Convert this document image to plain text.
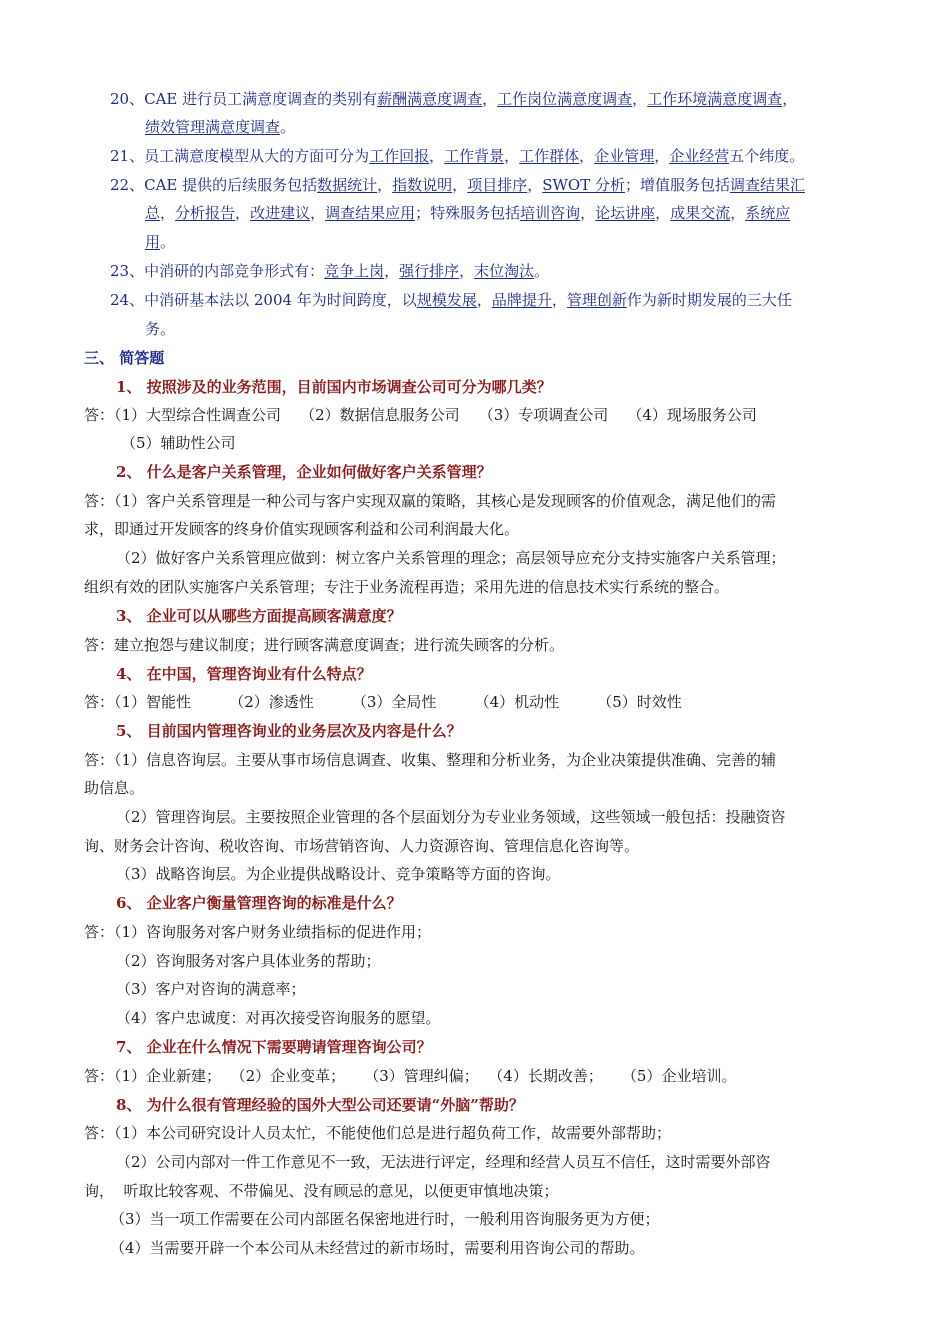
20、CAE 进行员工满意度调查的类别有薪酬满意度调查，工作岗位满意度调查，工作环境满意度调查，
绩效管理满意度调查。
21、员工满意度模型从大的方面可分为工作回报，工作背景，工作群体，企业管理，企业经营五个纬度。
22、CAE 提供的后续服务包括数据统计，指数说明，项目排序，SWOT 分析；增值服务包括调查结果汇
总，分析报告，改进建议，调查结果应用；特殊服务包括培训咨询，论坛讲座，成果交流，系统应
用。
23、中消研的内部竞争形式有：竞争上岗，强行排序，末位淘汰。
24、中消研基本法以 2004 年为时间跨度，以规模发展，品牌提升，管理创新作为新时期发展的三大任
务。
三、 简答题
1、 按照涉及的业务范围，目前国内市场调查公司可分为哪几类？
答：（1）大型综合性调查公司    （2）数据信息服务公司    （3）专项调查公司    （4）现场服务公司
（5）辅助性公司
2、 什么是客户关系管理，企业如何做好客户关系管理？
答：（1）客户关系管理是一种公司与客户实现双赢的策略，其核心是发现顾客的价值观念，满足他们的需
求，即通过开发顾客的终身价值实现顾客利益和公司利润最大化。
（2）做好客户关系管理应做到：树立客户关系管理的理念；高层领导应充分支持实施客户关系管理；
组织有效的团队实施客户关系管理；专注于业务流程再造；采用先进的信息技术实行系统的整合。
3、 企业可以从哪些方面提高顾客满意度？
答：建立抱怨与建议制度；进行顾客满意度调查；进行流失顾客的分析。
4、 在中国，管理咨询业有什么特点？
答：（1）智能性        （2）渗透性        （3）全局性        （4）机动性        （5）时效性
5、 目前国内管理咨询业的业务层次及内容是什么？
答：（1）信息咨询层。主要从事市场信息调查、收集、整理和分析业务，为企业决策提供准确、完善的辅
助信息。
（2）管理咨询层。主要按照企业管理的各个层面划分为专业业务领域，这些领域一般包括：投融资咨
询、财务会计咨询、税收咨询、市场营销咨询、人力资源咨询、管理信息化咨询等。
（3）战略咨询层。为企业提供战略设计、竞争策略等方面的咨询。
6、 企业客户衡量管理咨询的标准是什么？
答：（1）咨询服务对客户财务业绩指标的促进作用；
（2）咨询服务对客户具体业务的帮助；
（3）客户对咨询的满意率；
（4）客户忠诚度：对再次接受咨询服务的愿望。
7、 企业在什么情况下需要聘请管理咨询公司？
答：（1）企业新建；  （2）企业变革；    （3）管理纠偏；  （4）长期改善；    （5）企业培训。
8、 为什么很有管理经验的国外大型公司还要请“外脑”帮助？
答：（1）本公司研究设计人员太忙，不能使他们总是进行超负荷工作，故需要外部帮助；
（2）公司内部对一件工作意见不一致，无法进行评定，经理和经营人员互不信任，这时需要外部咨
询，  听取比较客观、不带偏见、没有顾忌的意见，以便更审慎地决策；
（3）当一项工作需要在公司内部匿名保密地进行时，一般利用咨询服务更为方便；
（4）当需要开辟一个本公司从未经营过的新市场时，需要利用咨询公司的帮助。
